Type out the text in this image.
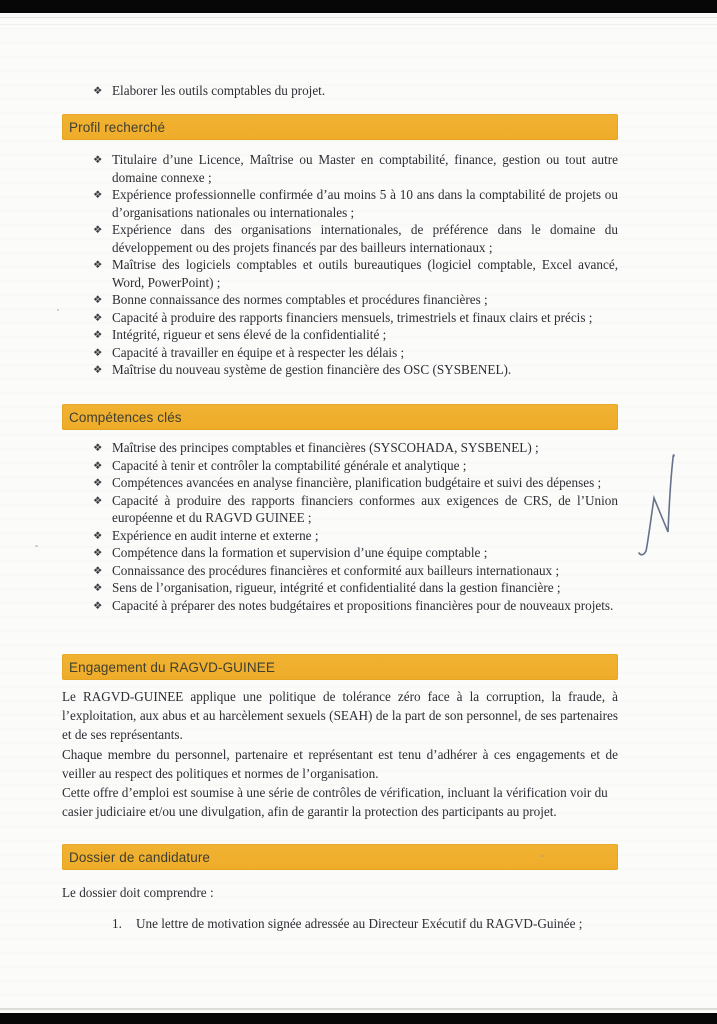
❖ Elaborer les outils comptables du projet.
Profil recherché
❖ Titulaire d’une Licence, Maîtrise ou Master en comptabilité, finance, gestion ou tout autre domaine connexe ;
❖ Expérience professionnelle confirmée d’au moins 5 à 10 ans dans la comptabilité de projets ou d’organisations nationales ou internationales ;
❖ Expérience dans des organisations internationales, de préférence dans le domaine du développement ou des projets financés par des bailleurs internationaux ;
❖ Maîtrise des logiciels comptables et outils bureautiques (logiciel comptable, Excel avancé, Word, PowerPoint) ;
❖ Bonne connaissance des normes comptables et procédures financières ;
❖ Capacité à produire des rapports financiers mensuels, trimestriels et finaux clairs et précis ;
❖ Intégrité, rigueur et sens élevé de la confidentialité ;
❖ Capacité à travailler en équipe et à respecter les délais ;
❖ Maîtrise du nouveau système de gestion financière des OSC (SYSBENEL).
Compétences clés
❖ Maîtrise des principes comptables et financières (SYSCOHADA, SYSBENEL) ;
❖ Capacité à tenir et contrôler la comptabilité générale et analytique ;
❖ Compétences avancées en analyse financière, planification budgétaire et suivi des dépenses ;
❖ Capacité à produire des rapports financiers conformes aux exigences de CRS, de l’Union européenne et du RAGVD GUINEE ;
❖ Expérience en audit interne et externe ;
❖ Compétence dans la formation et supervision d’une équipe comptable ;
❖ Connaissance des procédures financières et conformité aux bailleurs internationaux ;
❖ Sens de l’organisation, rigueur, intégrité et confidentialité dans la gestion financière ;
❖ Capacité à préparer des notes budgétaires et propositions financières pour de nouveaux projets.
Engagement du RAGVD-GUINEE

Le RAGVD-GUINEE applique une politique de tolérance zéro face à la corruption, la fraude, à l’exploitation, aux abus et au harcèlement sexuels (SEAH) de la part de son personnel, de ses partenaires et de ses représentants.

Chaque membre du personnel, partenaire et représentant est tenu d’adhérer à ces engagements et de veiller au respect des politiques et normes de l’organisation.

Cette offre d’emploi est soumise à une série de contrôles de vérification, incluant la vérification voir du casier judiciaire et/ou une divulgation, afin de garantir la protection des participants au projet.

Dossier de candidature
Le dossier doit comprendre :
1. Une lettre de motivation signée adressée au Directeur Exécutif du RAGVD-Guinée ;
